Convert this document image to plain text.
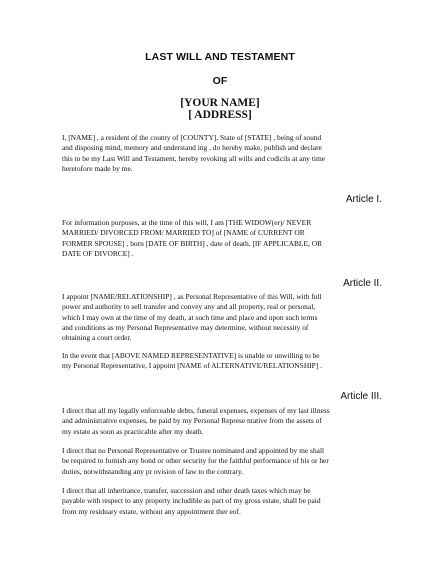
LAST WILL AND TESTAMENT
OF
[YOUR NAME]
[ ADDRESS]
I, [NAME] , a resident of the county of [COUNTY], State of [STATE] , being of sound
and disposing mind, memory and understand ing , do hereby make, publish and declare
this to be my Last Will and Testament, hereby revoking all wills and codicils at any time
heretofore made by me.
Article I.
For information purposes, at the time of this will, I am [THE WIDOW(er)/ NEVER
MARRIED/ DIVORCED FROM/ MARRIED TO] of [NAME of CURRENT OR
FORMER SPOUSE] , born [DATE OF BIRTH] , date of death, [IF APPLICABLE, OR
DATE OF DIVORCE] .
Article II.
I appoint [NAME/RELATIONSHIP] , as Personal Representative of this Will, with full
power and authority to sell transfer and convey any and all property, real or personal,
which I may own at the time of my death, at such time and place and upon such terms
and conditions as my Personal Representative may determine, without necessity of
obtaining a court order.
In the event that [ABOVE NAMED REPRESENTATIVE] is unable or unwilling to be
my Personal Representative, I appoint [NAME of ALTERNATIVE/RELATIONSHIP] .
Article III.
I direct that all my legally enforceable debts, funeral expenses, expenses of my last illness
and administrative expenses, be paid by my Personal Represe ntative from the assets of
my estate as soon as practicable after my death.
I direct that no Personal Representative or Trustee nominated and appointed by me shall
be required to furnish any bond or other security for the faithful performance of his or her
duties, notwithstanding any pr ovision of law to the contrary.
I direct that all inheritance, transfer, succession and other death taxes which may be
payable with respect to any property includible as part of my gross estate, shall be paid
from my residuary estate, without any appointment ther eof.
